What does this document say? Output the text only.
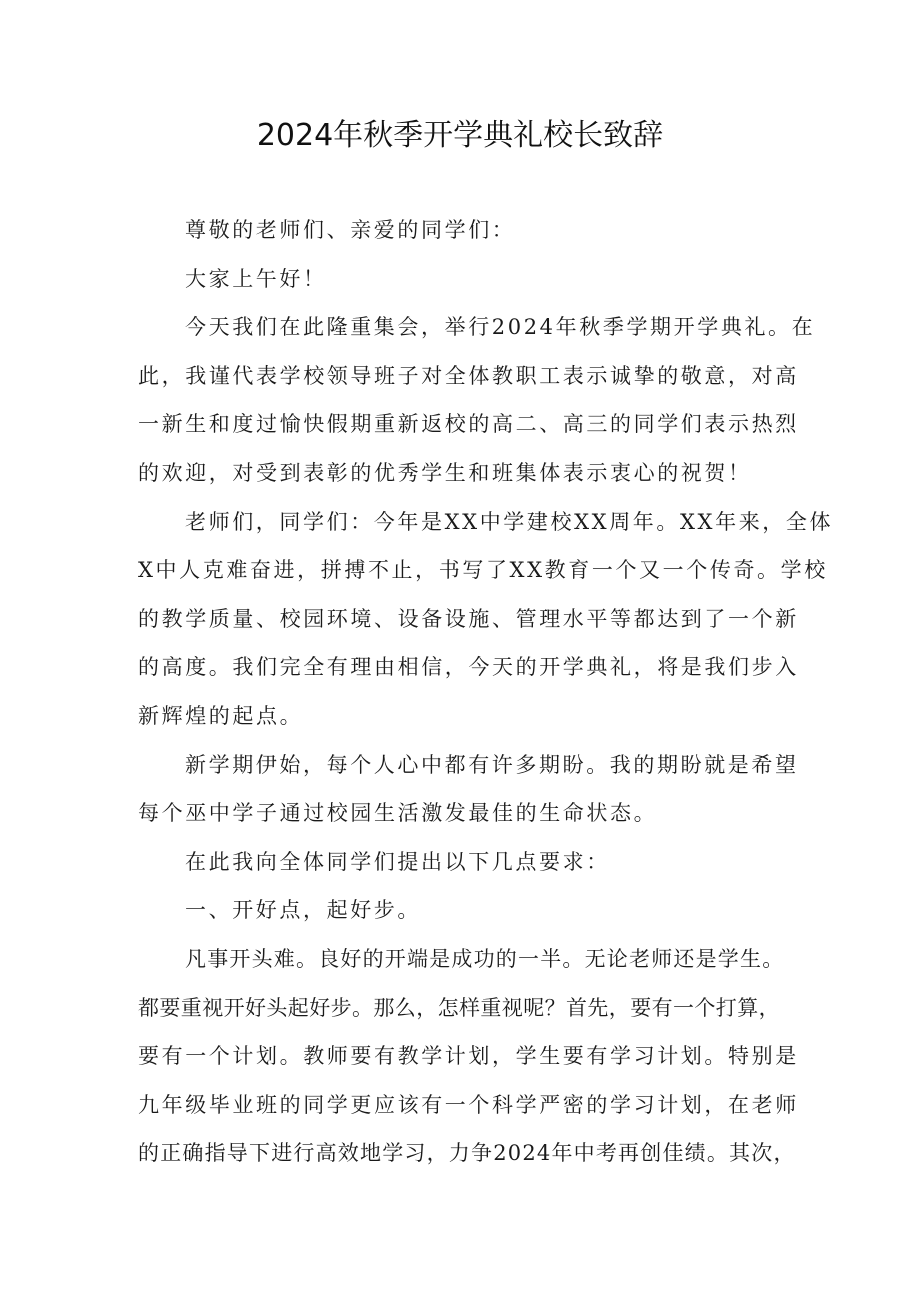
2024年秋季开学典礼校长致辞
尊敬的老师们、亲爱的同学们：
大家上午好！
今天我们在此隆重集会，举行2024年秋季学期开学典礼。在
此，我谨代表学校领导班子对全体教职工表示诚挚的敬意，对高
一新生和度过愉快假期重新返校的高二、高三的同学们表示热烈
的欢迎，对受到表彰的优秀学生和班集体表示衷心的祝贺！
老师们，同学们：今年是XX中学建校XX周年。XX年来，全体
X中人克难奋进，拼搏不止，书写了XX教育一个又一个传奇。学校
的教学质量、校园环境、设备设施、管理水平等都达到了一个新
的高度。我们完全有理由相信，今天的开学典礼，将是我们步入
新辉煌的起点。
新学期伊始，每个人心中都有许多期盼。我的期盼就是希望
每个巫中学子通过校园生活激发最佳的生命状态。
在此我向全体同学们提出以下几点要求：
一、开好点，起好步。
凡事开头难。良好的开端是成功的一半。无论老师还是学生。
都要重视开好头起好步。那么，怎样重视呢？首先，要有一个打算，
要有一个计划。教师要有教学计划，学生要有学习计划。特别是
九年级毕业班的同学更应该有一个科学严密的学习计划，在老师
的正确指导下进行高效地学习，力争2024年中考再创佳绩。其次，
